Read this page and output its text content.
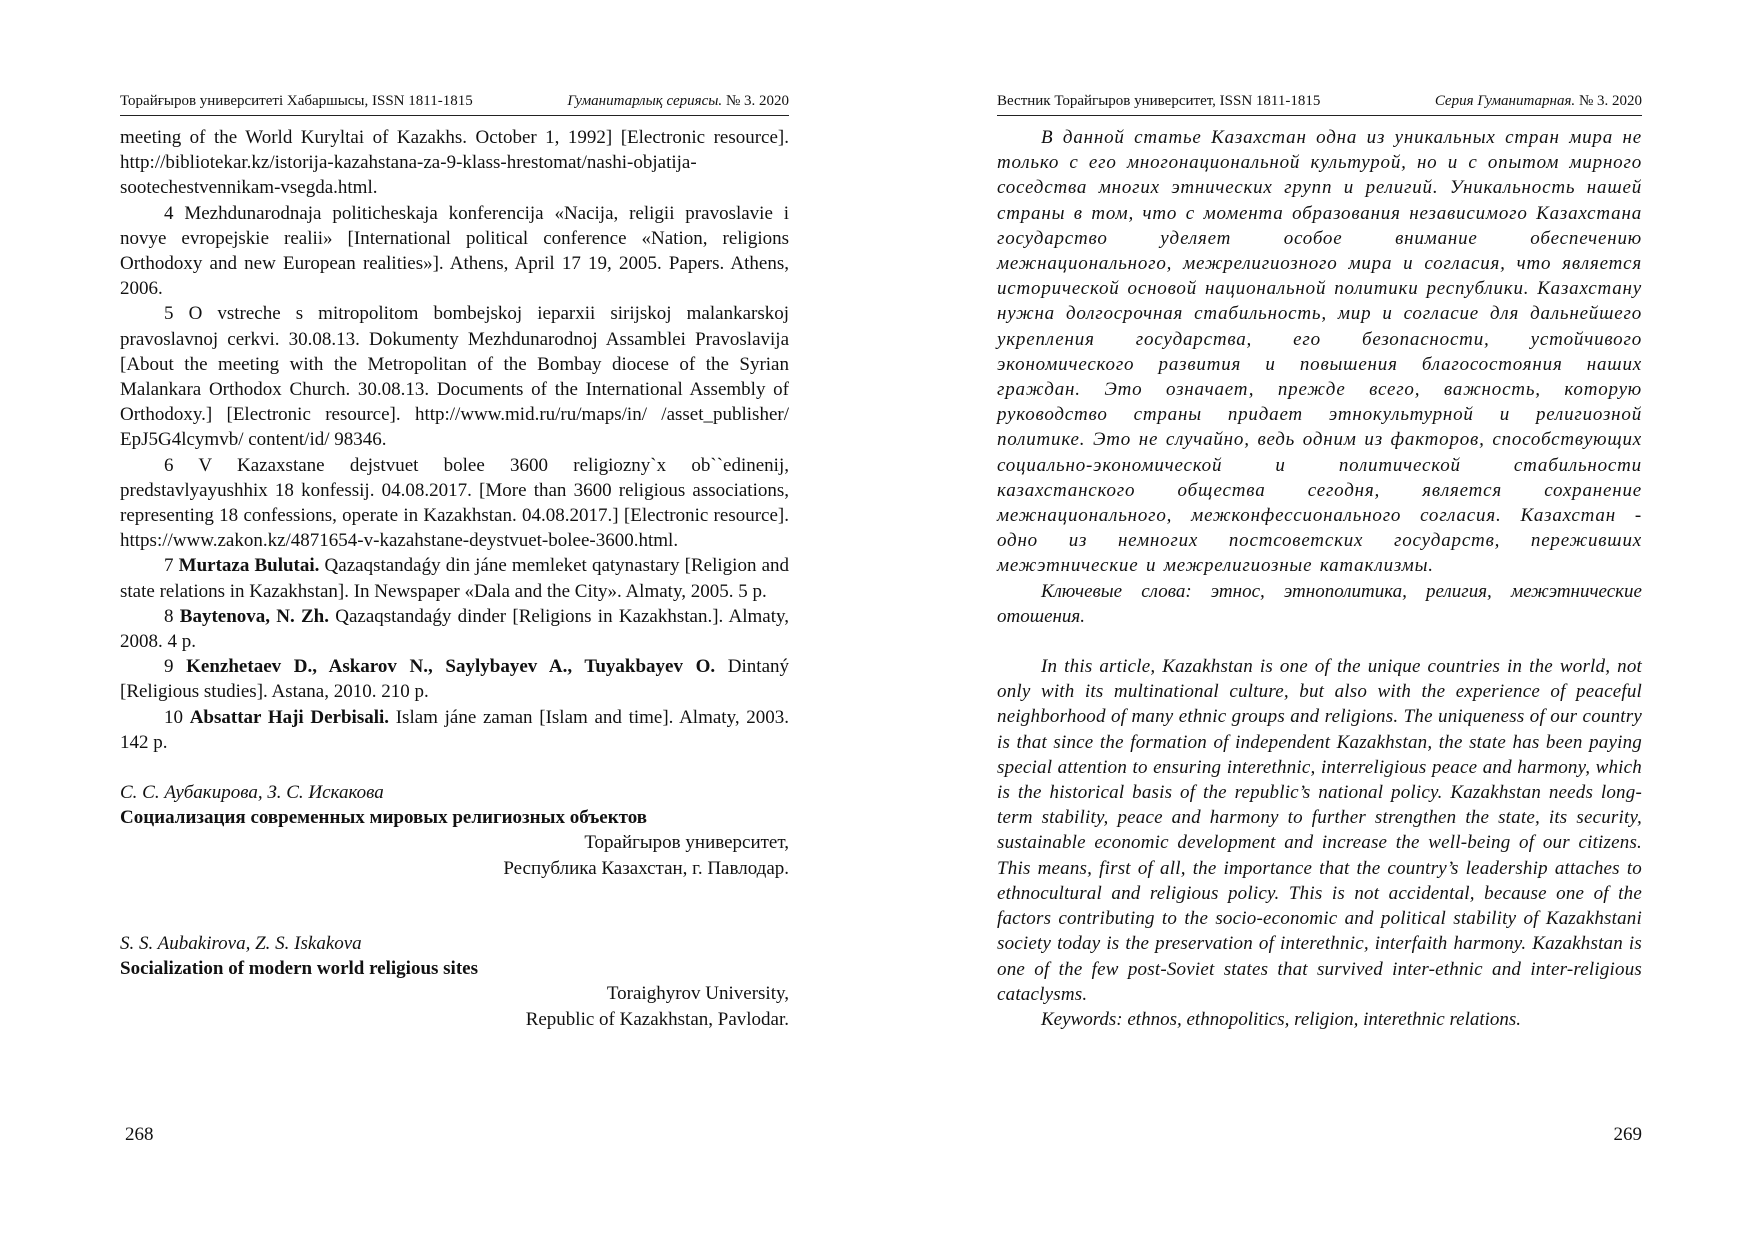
Торайғыров университеті Хабаршысы, ISSN 1811-1815	Гуманитарлық сериясы. № 3. 2020

meeting of the World Kuryltai of Kazakhs. October 1, 1992] [Electronic resource]. http://bibliotekar.kz/istorija-kazahstana-za-9-klass-hrestomat/nashi-objatija-sootechestvennikam-vsegda.html.

4 Mezhdunarodnaja politicheskaja konferencija «Nacija, religii pravoslavie i novye evropejskie realii» [International political conference «Nation, religions Orthodoxy and new European realities»]. Athens, April 17 19, 2005. Papers. Athens, 2006.

5 O vstreche s mitropolitom bombejskoj ieparxii sirijskoj malankarskoj pravoslavnoj cerkvi. 30.08.13. Dokumenty Mezhdunarodnoj Assamblei Pravoslavija [About the meeting with the Metropolitan of the Bombay diocese of the Syrian Malankara Orthodox Church. 30.08.13. Documents of the International Assembly of Orthodoxy.] [Electronic resource]. http://www.mid.ru/ru/maps/in/ /asset_publisher/ EpJ5G4lcymvb/ content/id/ 98346.

6 V Kazaxstane dejstvuet bolee 3600 religiozny`x ob``edinenij, predstavlyayushhix 18 konfessij. 04.08.2017. [More than 3600 religious associations, representing 18 confessions, operate in Kazakhstan. 04.08.2017.] [Electronic resource]. https://www.zakon.kz/4871654-v-kazahstane-deystvuet-bolee-3600.html.

7 Murtaza Bulutai. Qazaqstandaǵy din jáne memleket qatynastary [Religion and state relations in Kazakhstan]. In Newspaper «Dala and the City». Almaty, 2005. 5 p.

8 Baytenova, N. Zh. Qazaqstandaǵy dinder [Religions in Kazakhstan.]. Almaty, 2008. 4 p.

9 Kenzhetaev D., Askarov N., Saylybayev A., Tuyakbayev O. Dintaný [Religious studies]. Astana, 2010. 210 p.

10 Absattar Haji Derbisali. Islam jáne zaman [Islam and time]. Almaty, 2003. 142 p.

С. С. Аубакирова, З. С. Искакова

Социализация современных мировых религиозных объектов

Торайгыров университет,

Республика Казахстан, г. Павлодар.

S. S. Aubakirova, Z. S. Iskakova

Socialization of modern world religious sites

Toraighyrov University,

Republic of Kazakhstan, Pavlodar.

268
Вестник Торайгыров университет, ISSN 1811-1815	Серия Гуманитарная. № 3. 2020

В данной статье Казахстан одна из уникальных стран мира не только с его многонациональной культурой, но и с опытом мирного соседства многих этнических групп и религий. Уникальность нашей страны в том, что с момента образования независимого Казахстана государство уделяет особое внимание обеспечению межнационального, межрелигиозного мира и согласия, что является исторической основой национальной политики республики. Казахстану нужна долгосрочная стабильность, мир и согласие для дальнейшего укрепления государства, его безопасности, устойчивого экономического развития и повышения благосостояния наших граждан. Это означает, прежде всего, важность, которую руководство страны придает этнокультурной и религиозной политике. Это не случайно, ведь одним из факторов, способствующих социально-экономической и политической стабильности казахстанского общества сегодня, является сохранение межнационального, межконфессионального согласия. Казахстан - одно из немногих постсоветских государств, переживших межэтнические и межрелигиозные катаклизмы.

Ключевые слова: этнос, этнополитика, религия, межэтнические отошения.

In this article, Kazakhstan is one of the unique countries in the world, not only with its multinational culture, but also with the experience of peaceful neighborhood of many ethnic groups and religions. The uniqueness of our country is that since the formation of independent Kazakhstan, the state has been paying special attention to ensuring interethnic, interreligious peace and harmony, which is the historical basis of the republic’s national policy. Kazakhstan needs long-term stability, peace and harmony to further strengthen the state, its security, sustainable economic development and increase the well-being of our citizens. This means, first of all, the importance that the country’s leadership attaches to ethnocultural and religious policy. This is not accidental, because one of the factors contributing to the socio-economic and political stability of Kazakhstani society today is the preservation of interethnic, interfaith harmony. Kazakhstan is one of the few post-Soviet states that survived inter-ethnic and inter-religious cataclysms.

Keywords: ethnos, ethnopolitics, religion, interethnic relations.

269
